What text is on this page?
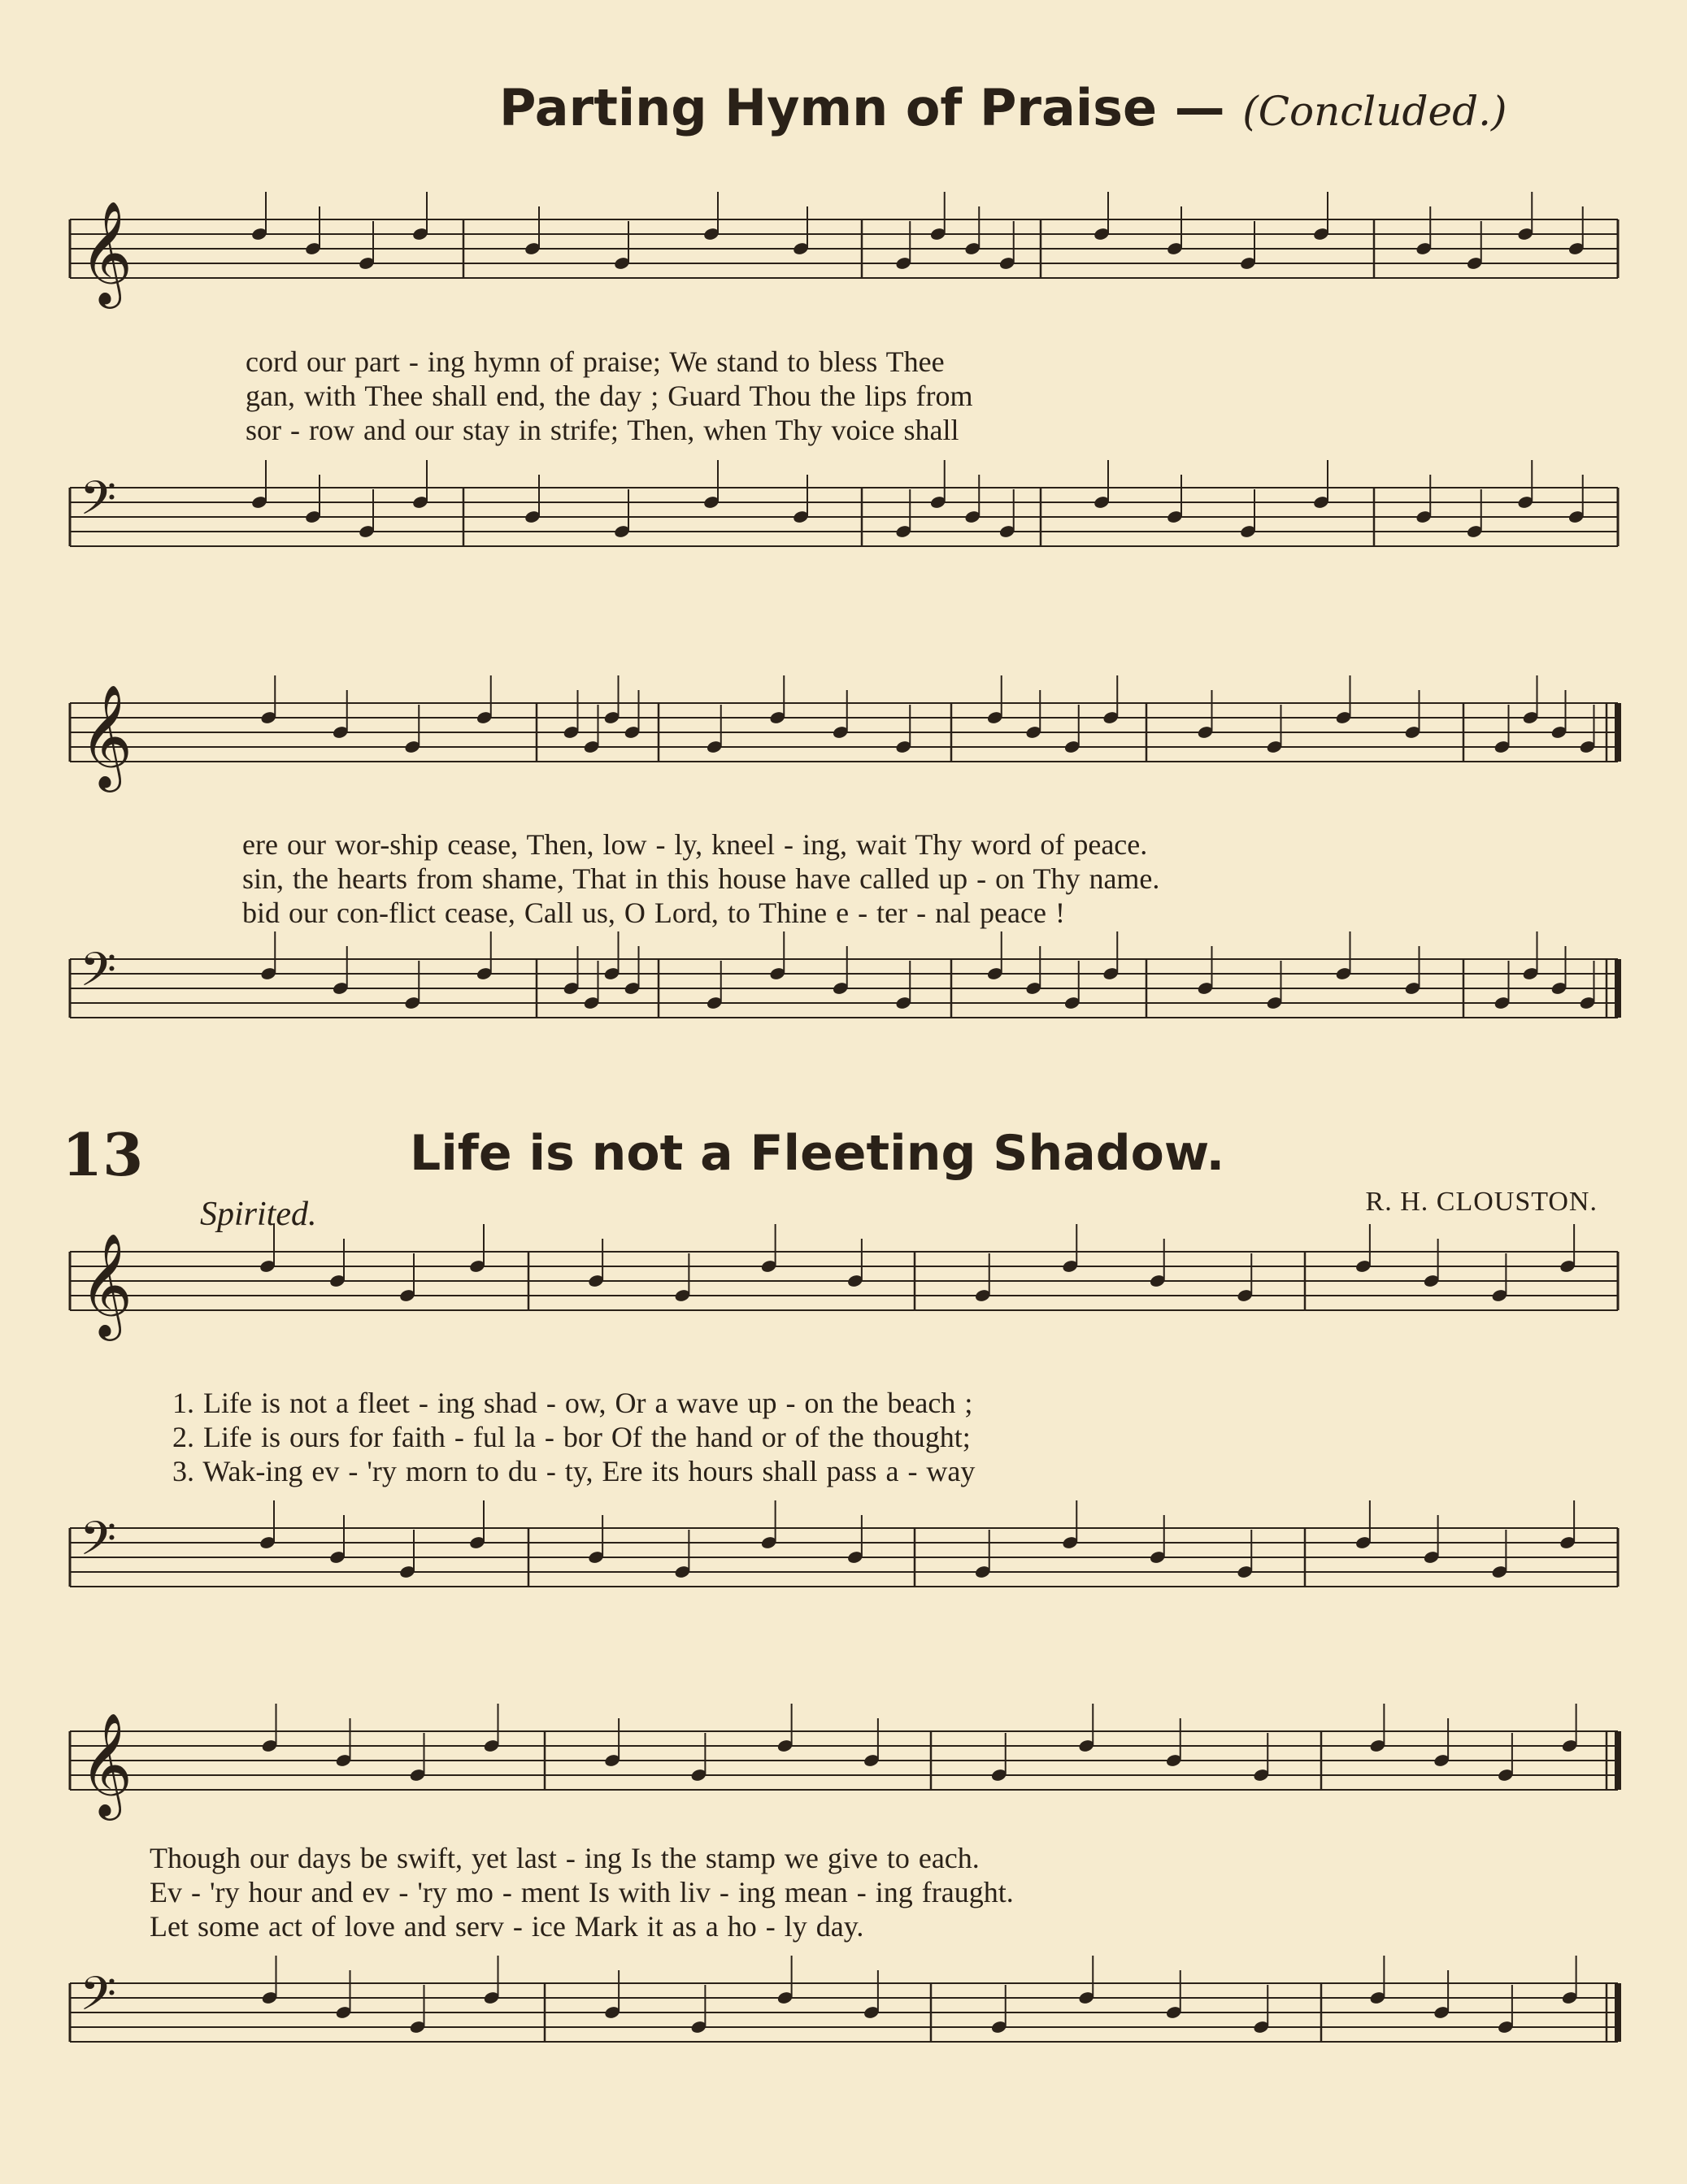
Parting Hymn of Praise — (Concluded.)
𝄞
cord our part - ing hymn of praise; We stand to bless Thee
gan, with Thee shall end, the day ; Guard Thou the lips from
sor - row and our stay in strife; Then, when Thy voice shall
𝄢
𝄞
ere our wor-ship cease, Then, low - ly, kneel - ing, wait Thy word of peace.
sin, the hearts from shame, That in this house have called up - on Thy name.
bid our con-flict cease, Call us, O Lord, to Thine e - ter - nal peace !
𝄢
13	Life is not a Fleeting Shadow.
R. H. CLOUSTON.
Spirited.
𝄞
1. Life is not a fleet - ing shad - ow, Or a wave up - on the beach ;
2. Life is ours for faith - ful la - bor Of the hand or of the thought;
3. Wak-ing ev - 'ry morn to du - ty, Ere its hours shall pass a - way
𝄢
𝄞
Though our days be swift, yet last - ing Is the stamp we give to each.
Ev - 'ry hour and ev - 'ry mo - ment Is with liv - ing mean - ing fraught.
Let some act of love and serv - ice Mark it as a ho - ly day.
𝄢
